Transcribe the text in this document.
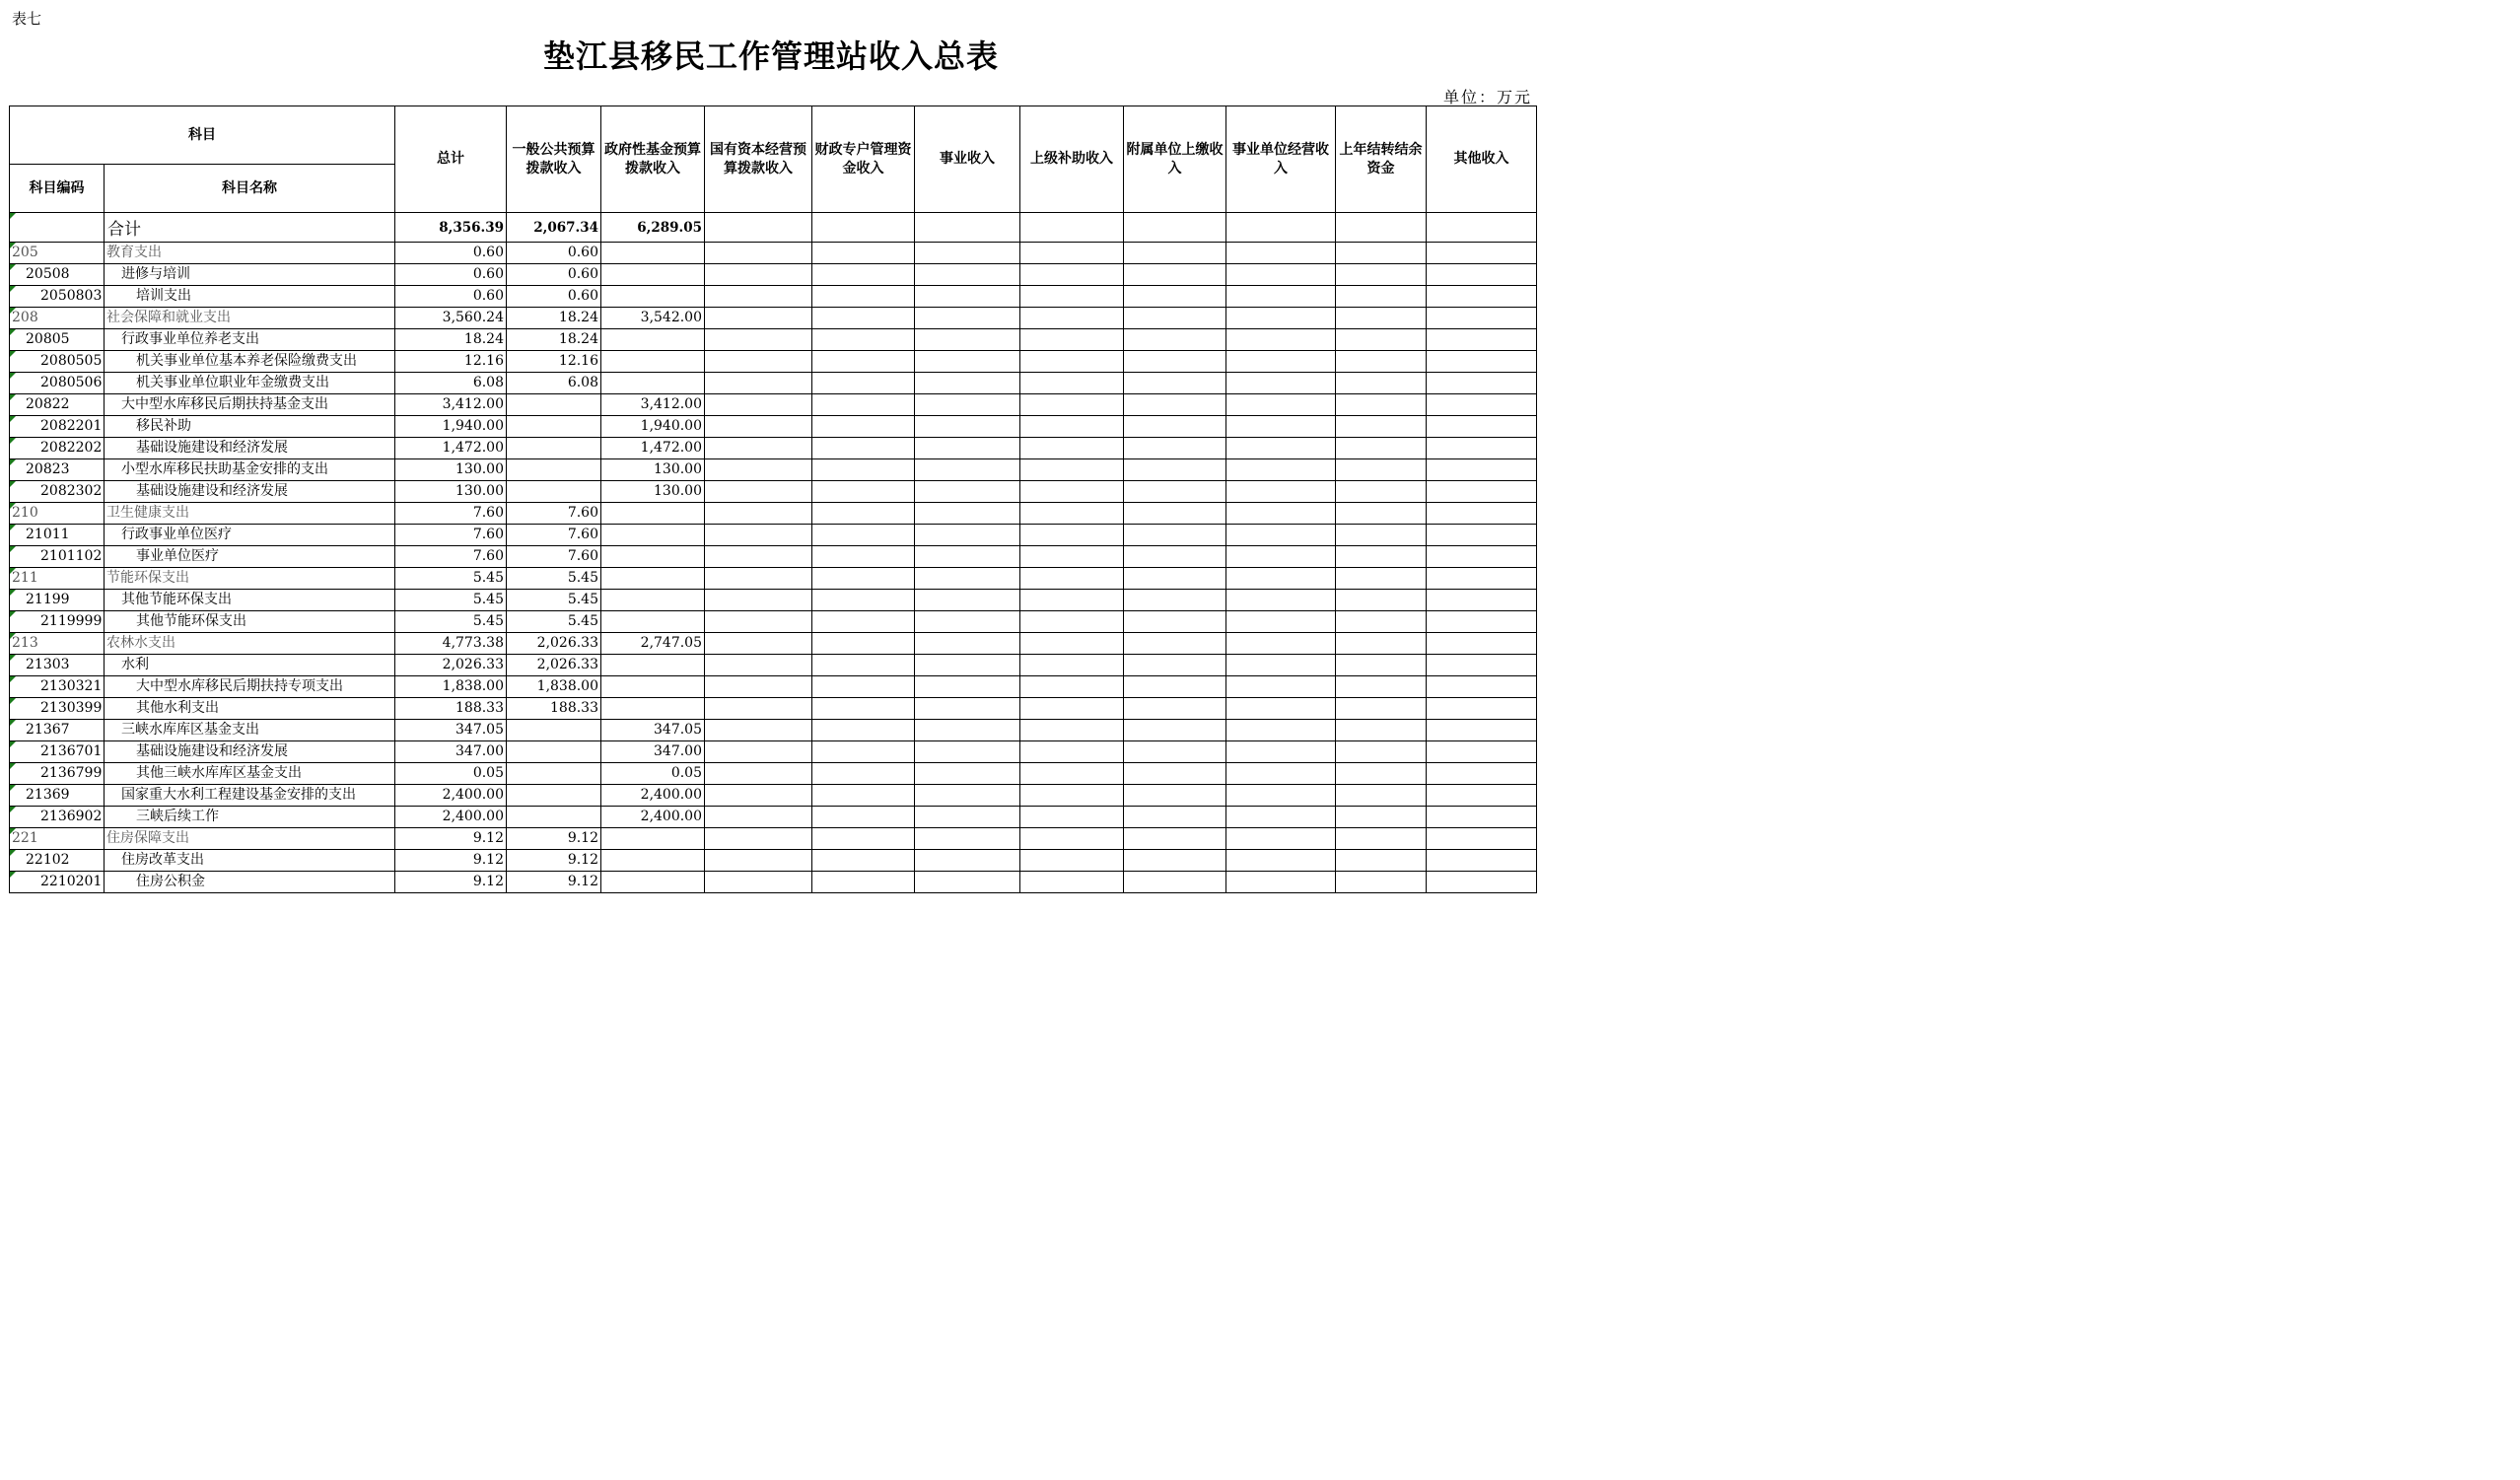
表七
垫江县移民工作管理站收入总表
单位：万元
科目		总计	一般公共预算拨款收入	政府性基金预算拨款收入	国有资本经营预算拨款收入	财政专户管理资金收入	事业收入	上级补助收入	附属单位上缴收入	事业单位经营收入	上年结转结余资金	其他收入
科目编码	科目名称											

	合计	8,356.39	2,067.34	6,289.05								
205	教育支出	0.60	0.60									
20508	进修与培训	0.60	0.60									
2050803	培训支出	0.60	0.60									
208	社会保障和就业支出	3,560.24	18.24	3,542.00								
20805	行政事业单位养老支出	18.24	18.24									
2080505	机关事业单位基本养老保险缴费支出	12.16	12.16									
2080506	机关事业单位职业年金缴费支出	6.08	6.08									
20822	大中型水库移民后期扶持基金支出	3,412.00		3,412.00								
2082201	移民补助	1,940.00		1,940.00								
2082202	基础设施建设和经济发展	1,472.00		1,472.00								
20823	小型水库移民扶助基金安排的支出	130.00		130.00								
2082302	基础设施建设和经济发展	130.00		130.00								
210	卫生健康支出	7.60	7.60									
21011	行政事业单位医疗	7.60	7.60									
2101102	事业单位医疗	7.60	7.60									
211	节能环保支出	5.45	5.45									
21199	其他节能环保支出	5.45	5.45									
2119999	其他节能环保支出	5.45	5.45									
213	农林水支出	4,773.38	2,026.33	2,747.05								
21303	水利	2,026.33	2,026.33									
2130321	大中型水库移民后期扶持专项支出	1,838.00	1,838.00									
2130399	其他水利支出	188.33	188.33									
21367	三峡水库库区基金支出	347.05		347.05								
2136701	基础设施建设和经济发展	347.00		347.00								
2136799	其他三峡水库库区基金支出	0.05		0.05								
21369	国家重大水利工程建设基金安排的支出	2,400.00		2,400.00								
2136902	三峡后续工作	2,400.00		2,400.00								
221	住房保障支出	9.12	9.12									
22102	住房改革支出	9.12	9.12									
2210201	住房公积金	9.12	9.12									
